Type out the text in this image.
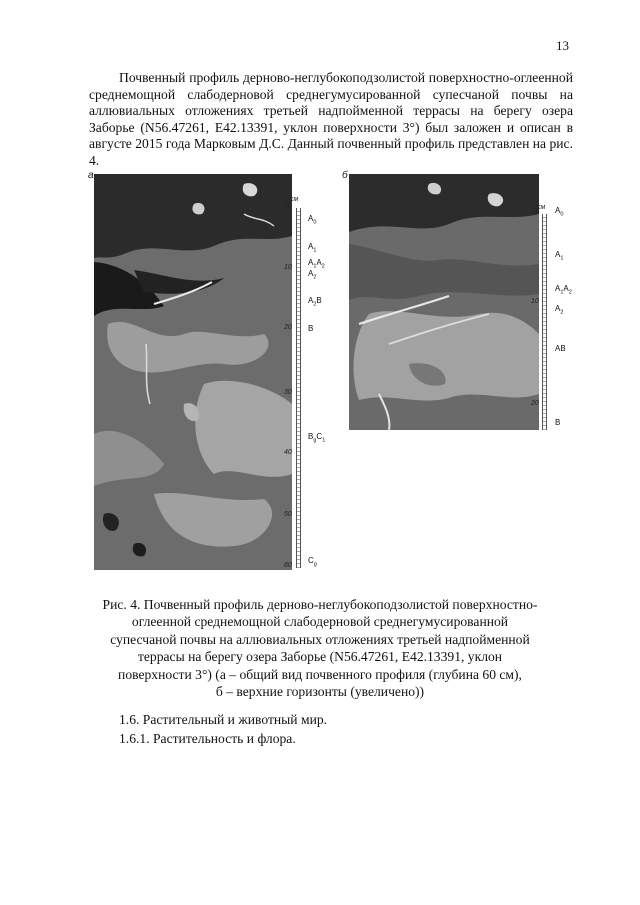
13

Почвенный профиль дерново-неглубокоподзолистой поверхностно-оглеенной среднемощной слабодерновой среднегумусированной супесчаной почвы на аллювиальных отложениях третьей надпойменной террасы на берегу озера Заборье (N56.47261, E42.13391, уклон поверхности 3°) был заложен и описан в августе 2015 года Марковым Д.С. Данный почвенный профиль представлен на рис. 4.

а
см
0
10
20
30
40
50
60
$A_0$
$A_1$
$A_1A_2$
$A_2$
$A_2B$
B
$B_gC_1$
$C_g$
б
см
0
10
20
$A_0$
$A_1$
$A_1A_2$
$A_2$
AB
B

Рис. 4. Почвенный профиль дерново-неглубокоподзолистой поверхностно-
оглеенной среднемощной слабодерновой среднегумусированной
супесчаной почвы на аллювиальных отложениях третьей надпойменной
террасы на берегу озера Заборье (N56.47261, E42.13391, уклон
поверхности 3°) (а – общий вид почвенного профиля (глубина 60 см),
б – верхние горизонты (увеличено))

1.6. Растительный и животный мир.
1.6.1. Растительность и флора.
